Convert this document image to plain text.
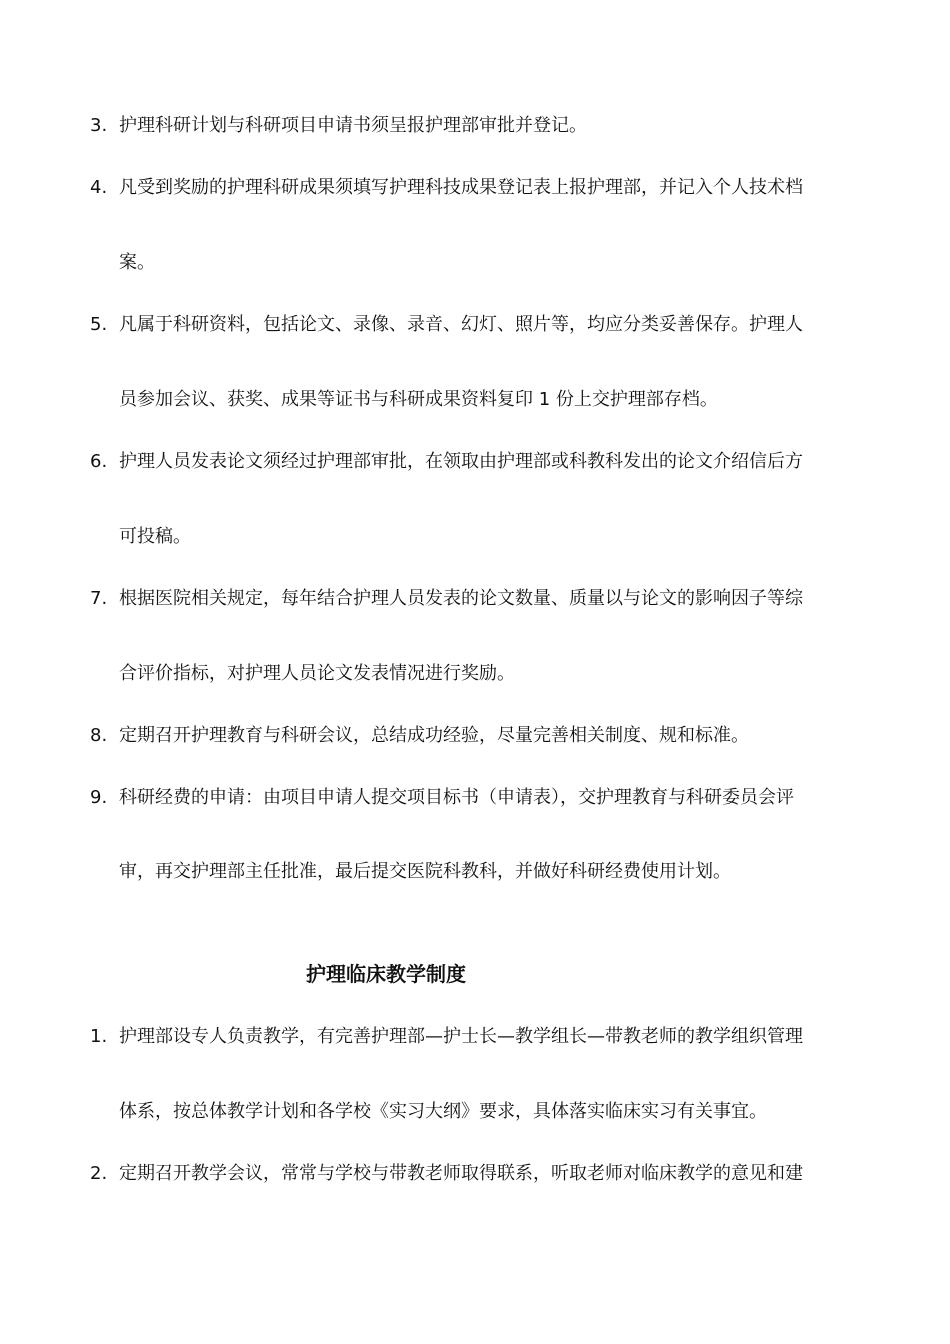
3. 护理科研计划与科研项目申请书须呈报护理部审批并登记。
4. 凡受到奖励的护理科研成果须填写护理科技成果登记表上报护理部，并记入个人技术档
案。
5. 凡属于科研资料，包括论文、录像、录音、幻灯、照片等，均应分类妥善保存。护理人
员参加会议、获奖、成果等证书与科研成果资料复印 1 份上交护理部存档。
6. 护理人员发表论文须经过护理部审批，在领取由护理部或科教科发出的论文介绍信后方
可投稿。
7. 根据医院相关规定，每年结合护理人员发表的论文数量、质量以与论文的影响因子等综
合评价指标，对护理人员论文发表情况进行奖励。
8. 定期召开护理教育与科研会议，总结成功经验，尽量完善相关制度、规和标准。
9. 科研经费的申请：由项目申请人提交项目标书（申请表），交护理教育与科研委员会评
审，再交护理部主任批准，最后提交医院科教科，并做好科研经费使用计划。
护理临床教学制度
1. 护理部设专人负责教学，有完善护理部—护士长—教学组长—带教老师的教学组织管理
体系，按总体教学计划和各学校《实习大纲》要求，具体落实临床实习有关事宜。
2. 定期召开教学会议，常常与学校与带教老师取得联系，听取老师对临床教学的意见和建
